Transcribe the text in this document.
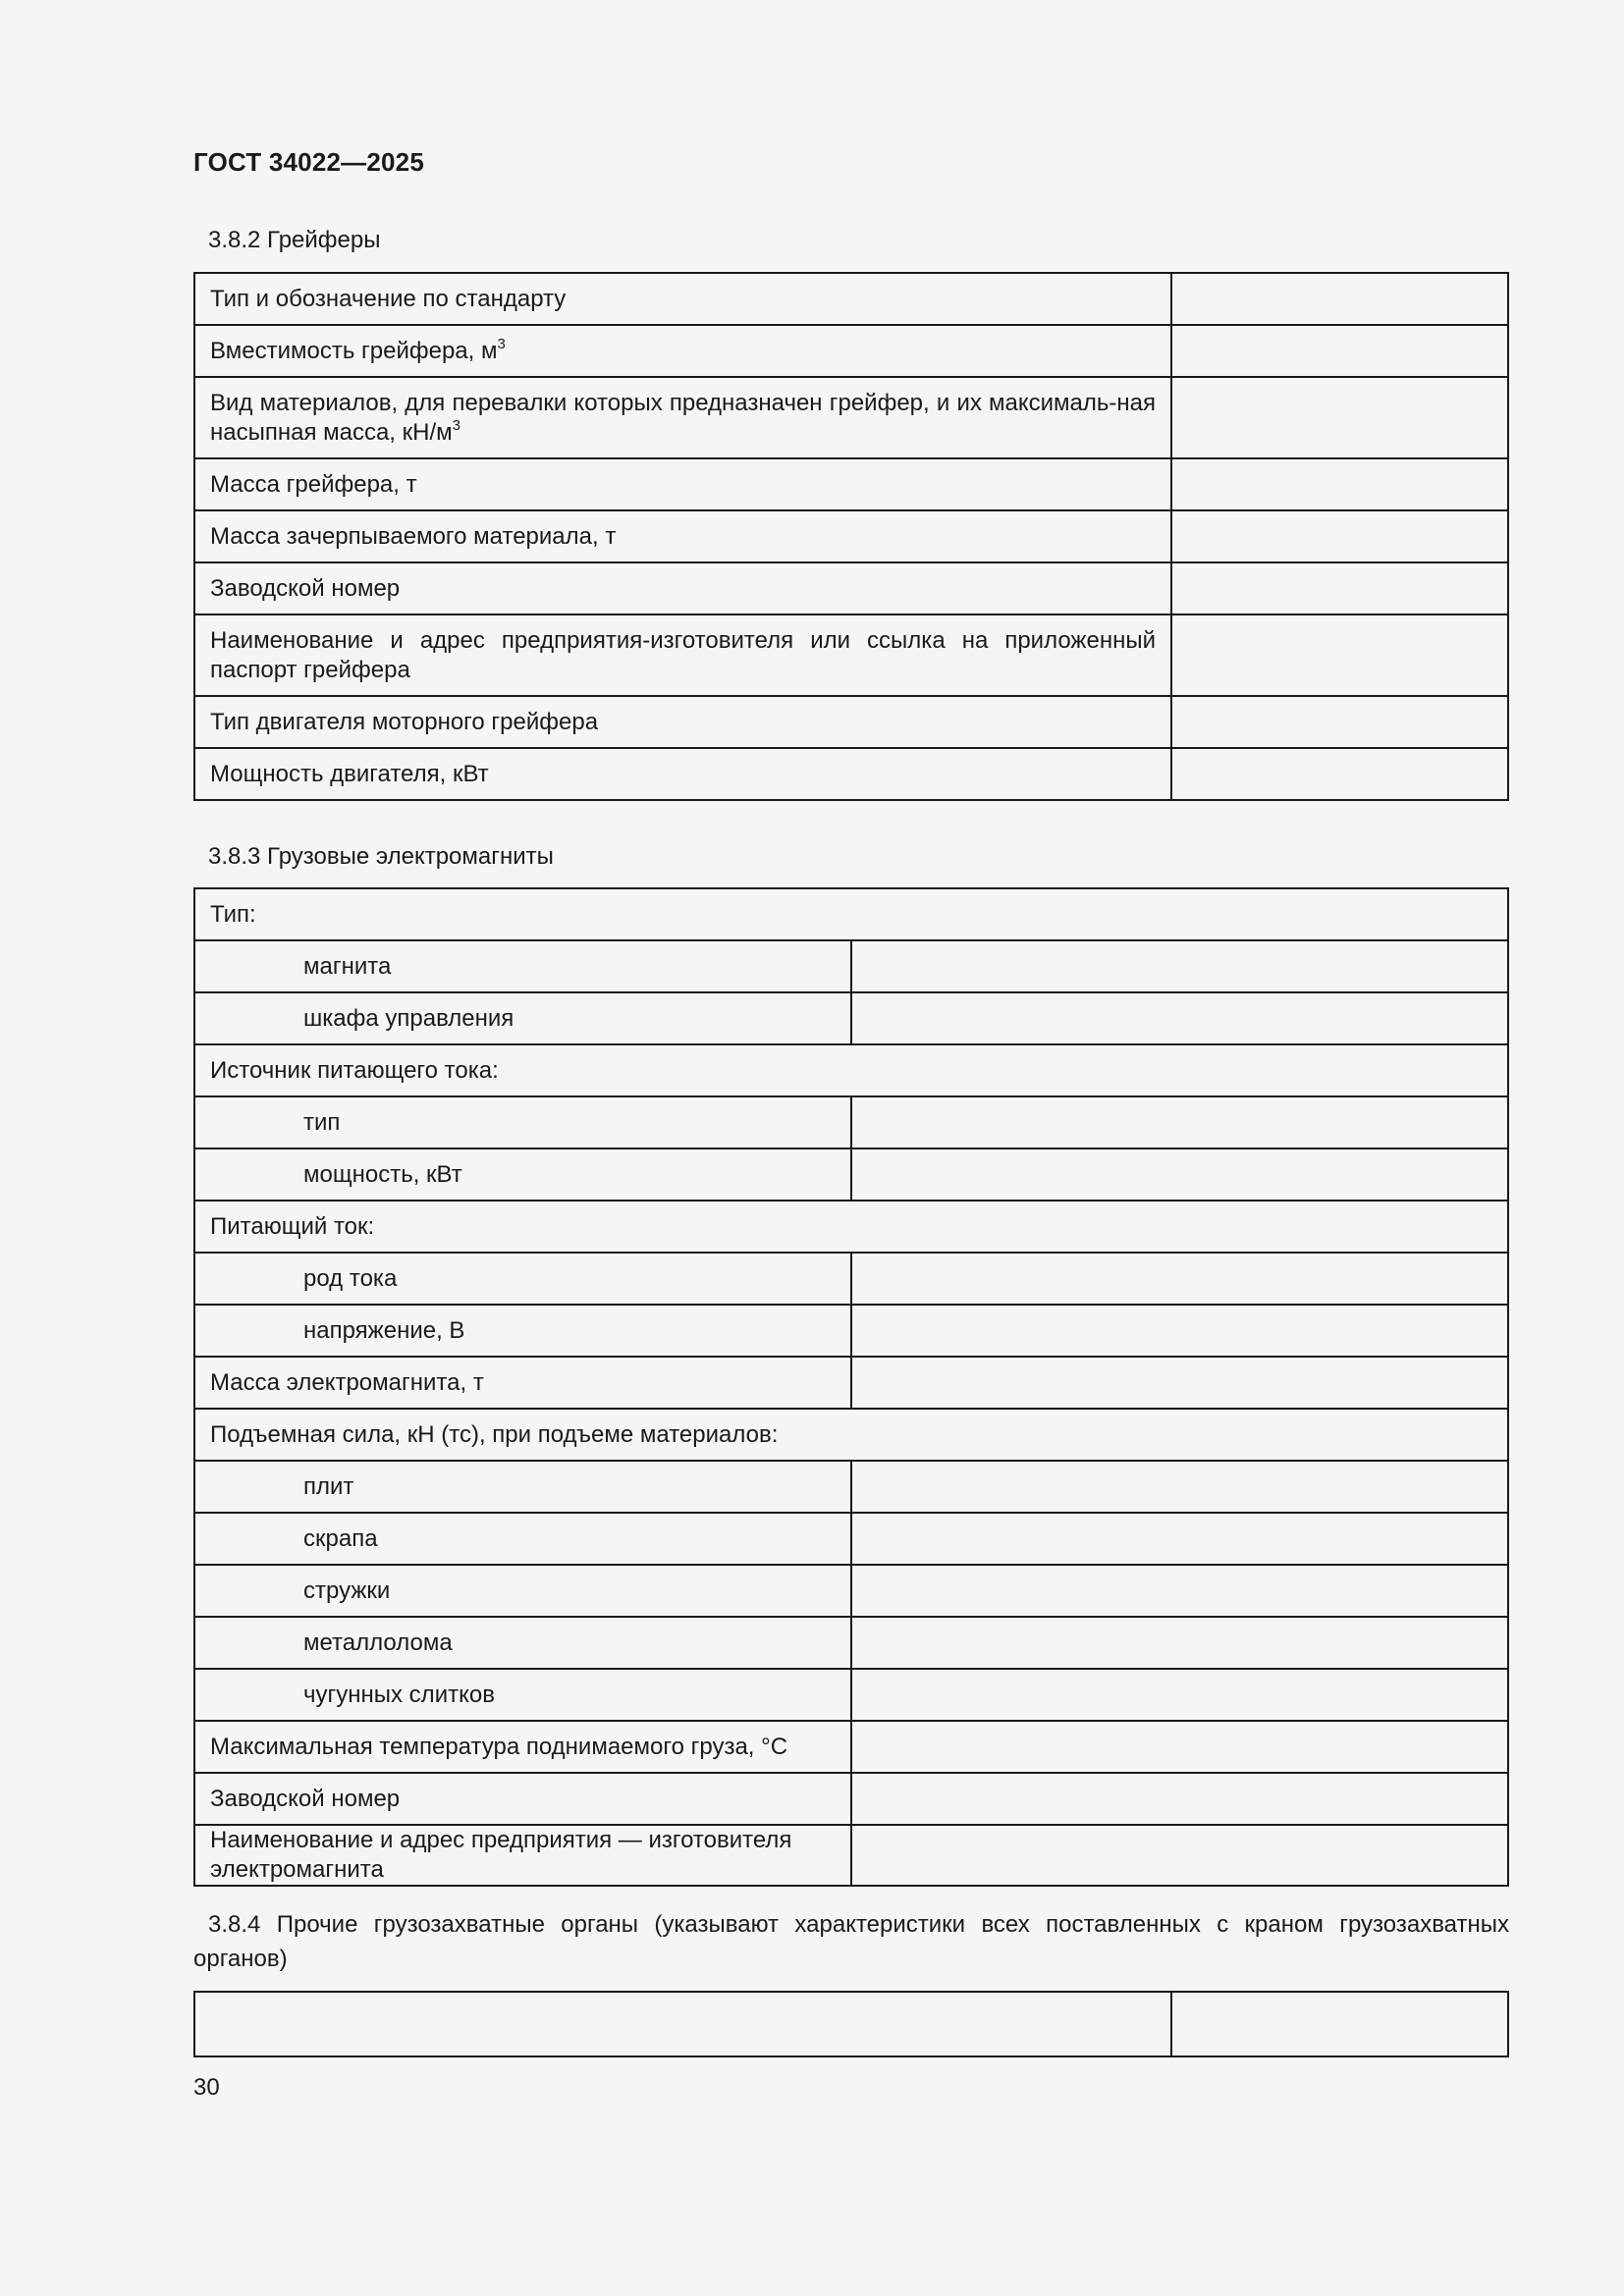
ГОСТ 34022—2025
3.8.2 Грейферы
Тип и обозначение по стандарту	
Вместимость грейфера, $м^3$	
Вид материалов, для перевалки которых предназначен грейфер, и их максималь-ная насыпная масса, $кН/м^3$	
Масса грейфера, т	
Масса зачерпываемого материала, т	
Заводской номер	
Наименование и адрес предприятия-изготовителя или ссылка на приложенный паспорт грейфера	
Тип двигателя моторного грейфера	
Мощность двигателя, кВт	
3.8.3 Грузовые электромагниты
Тип:	
магнита	
шкафа управления	
Источник питающего тока:	
тип	
мощность, кВт	
Питающий ток:	
род тока	
напряжение, В	
Масса электромагнита, т	
Подъемная сила, кН (тс), при подъеме материалов:	
плит	
скрапа	
стружки	
металлолома	
чугунных слитков	
Максимальная температура поднимаемого груза, °С	
Заводской номер	
Наименование и адрес предприятия — изготовителя электромагнита	
3.8.4 Прочие грузозахватные органы (указывают характеристики всех поставленных с краном грузозахватных органов)

30
